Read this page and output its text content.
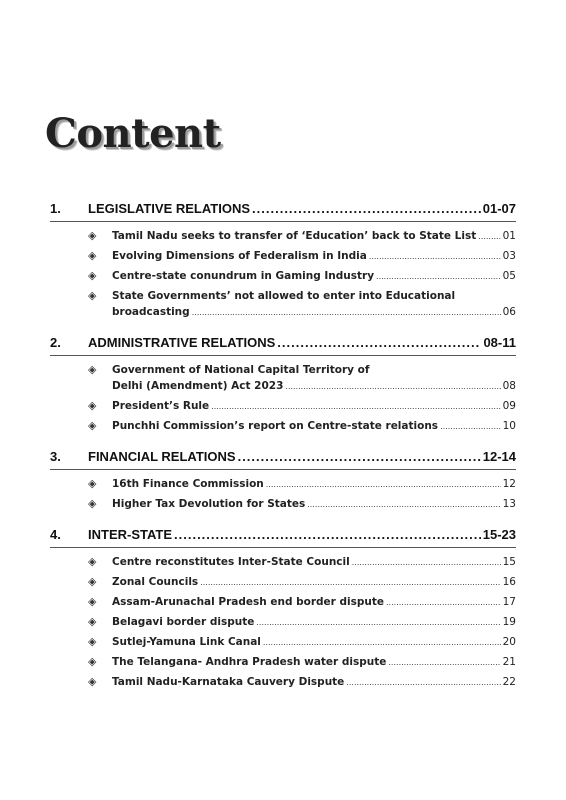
Content
1.	LEGISLATIVE RELATIONS .....	01-07
◈	Tamil Nadu seeks to transfer of ‘Education’ back to State List .....	01
◈	Evolving Dimensions of Federalism in India .....	03
◈	Centre-state conundrum in Gaming Industry .....	05
◈	State Governments’ not allowed to enter into Educational
broadcasting .....	06
2.	ADMINISTRATIVE RELATIONS .....	08-11
◈	Government of National Capital Territory of
Delhi (Amendment) Act 2023 .....	08
◈	President’s Rule .....	09
◈	Punchhi Commission’s report on Centre-state relations .....	10
3.	FINANCIAL RELATIONS .....	12-14
◈	16th Finance Commission .....	12
◈	Higher Tax Devolution for States .....	13
4.	INTER-STATE .....	15-23
◈	Centre reconstitutes Inter-State Council .....	15
◈	Zonal Councils .....	16
◈	Assam-Arunachal Pradesh end border dispute .....	17
◈	Belagavi border dispute .....	19
◈	Sutlej-Yamuna Link Canal .....	20
◈	The Telangana- Andhra Pradesh water dispute .....	21
◈	Tamil Nadu-Karnataka Cauvery Dispute .....	22
